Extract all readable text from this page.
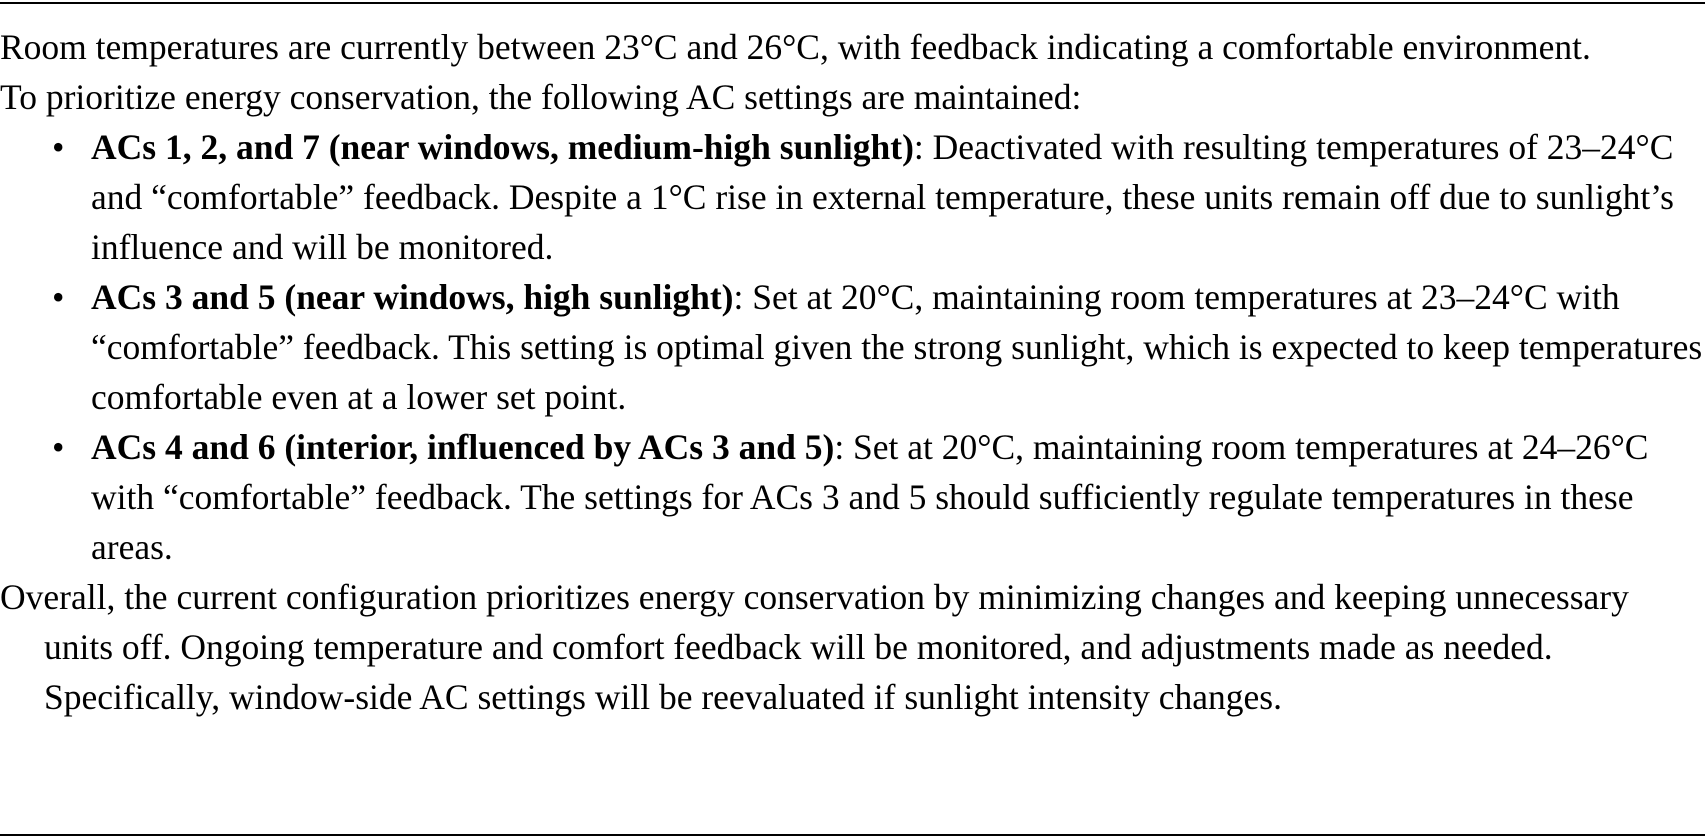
Room temperatures are currently between 23°C and 26°C, with feedback indicating a comfortable environment.

To prioritize energy conservation, the following AC settings are maintained:

• ACs 1, 2, and 7 (near windows, medium-high sunlight): Deactivated with resulting temperatures of 23–24°C and “comfortable” feedback. Despite a 1°C rise in external temperature, these units remain off due to sunlight’s influence and will be monitored.
• ACs 3 and 5 (near windows, high sunlight): Set at 20°C, maintaining room temperatures at 23–24°C with “comfortable” feedback. This setting is optimal given the strong sunlight, which is expected to keep temperatures comfortable even at a lower set point.
• ACs 4 and 6 (interior, influenced by ACs 3 and 5): Set at 20°C, maintaining room temperatures at 24–26°C with “comfortable” feedback. The settings for ACs 3 and 5 should sufficiently regulate temperatures in these areas.

Overall, the current configuration prioritizes energy conservation by minimizing changes and keeping unnecessary units off. Ongoing temperature and comfort feedback will be monitored, and adjustments made as needed. Specifically, window-side AC settings will be reevaluated if sunlight intensity changes.
